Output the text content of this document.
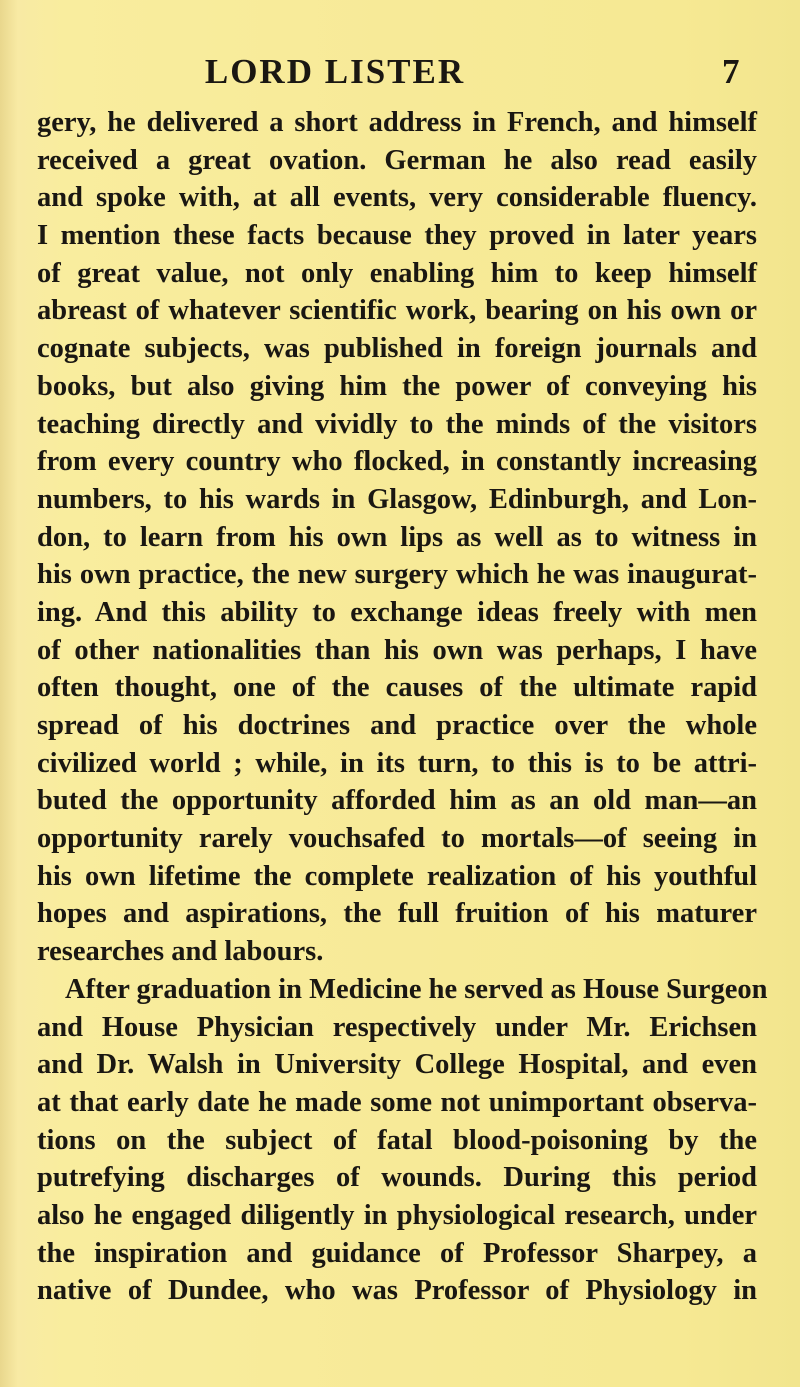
LORD LISTER	7
gery, he delivered a short address in French, and himself
received a great ovation. German he also read easily
and spoke with, at all events, very considerable fluency.
I mention these facts because they proved in later years
of great value, not only enabling him to keep himself
abreast of whatever scientific work, bearing on his own or
cognate subjects, was published in foreign journals and
books, but also giving him the power of conveying his
teaching directly and vividly to the minds of the visitors
from every country who flocked, in constantly increasing
numbers, to his wards in Glasgow, Edinburgh, and Lon-
don, to learn from his own lips as well as to witness in
his own practice, the new surgery which he was inaugurat-
ing. And this ability to exchange ideas freely with men
of other nationalities than his own was perhaps, I have
often thought, one of the causes of the ultimate rapid
spread of his doctrines and practice over the whole
civilized world ; while, in its turn, to this is to be attri-
buted the opportunity afforded him as an old man—an
opportunity rarely vouchsafed to mortals—of seeing in
his own lifetime the complete realization of his youthful
hopes and aspirations, the full fruition of his maturer
researches and labours.
After graduation in Medicine he served as House Surgeon
and House Physician respectively under Mr. Erichsen
and Dr. Walsh in University College Hospital, and even
at that early date he made some not unimportant observa-
tions on the subject of fatal blood-poisoning by the
putrefying discharges of wounds. During this period
also he engaged diligently in physiological research, under
the inspiration and guidance of Professor Sharpey, a
native of Dundee, who was Professor of Physiology in
